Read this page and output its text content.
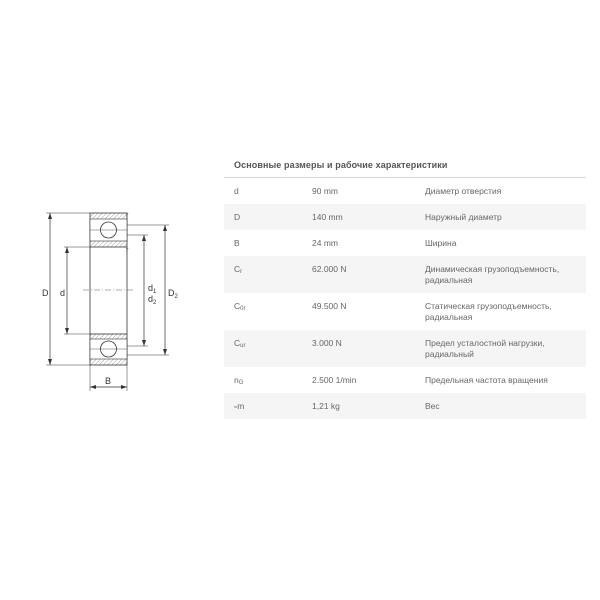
D d
r
r
$d_1$
$d_2$
$D_2$
B
Основные размеры и рабочие характеристики
d	90 mm	Диаметр отверстия
D	140 mm	Наружный диаметр
B	24 mm	Ширина
Cr	62.000 N	Динамическая грузоподъемность, радиальная
C0r	49.500 N	Статическая грузоподъемность, радиальная
Cur	3.000 N	Предел усталостной нагрузки, радиальный
nG	2.500 1/min	Предельная частота вращения
≈m	1,21 kg	Вес
